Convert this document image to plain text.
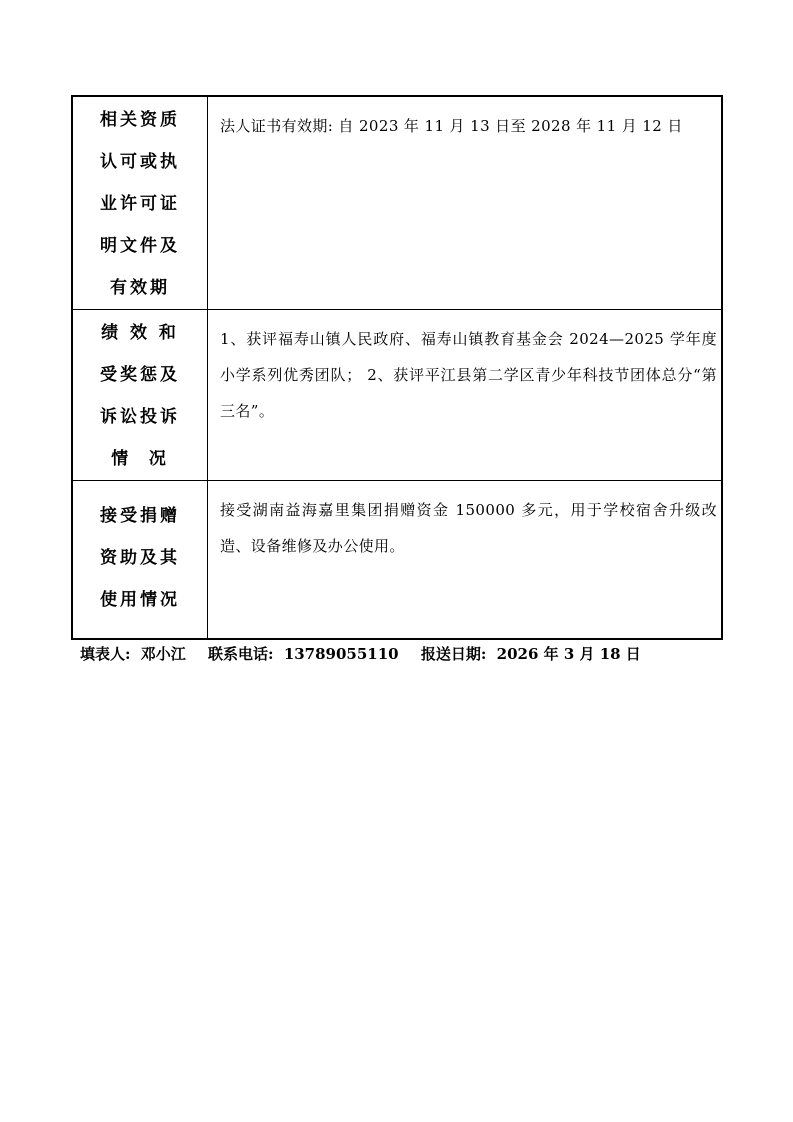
相关资质
认可或执
业许可证
明文件及
有效期	法人证书有效期: 自 2023 年 11 月 13 日至 2028 年 11 月 12 日

绩 效 和
受奖惩及
诉讼投诉
情  况	1、获评福寿山镇人民政府、福寿山镇教育基金会 2024—2025 学年度小学系列优秀团队； 2、获评平江县第二学区青少年科技节团体总分“第三名”。

接受捐赠
资助及其
使用情况	接受湖南益海嘉里集团捐赠资金 150000 多元，用于学校宿舍升级改造、设备维修及办公使用。
填表人: 邓小江 联系电话: 13789055110 报送日期: 2026 年 3 月 18 日
